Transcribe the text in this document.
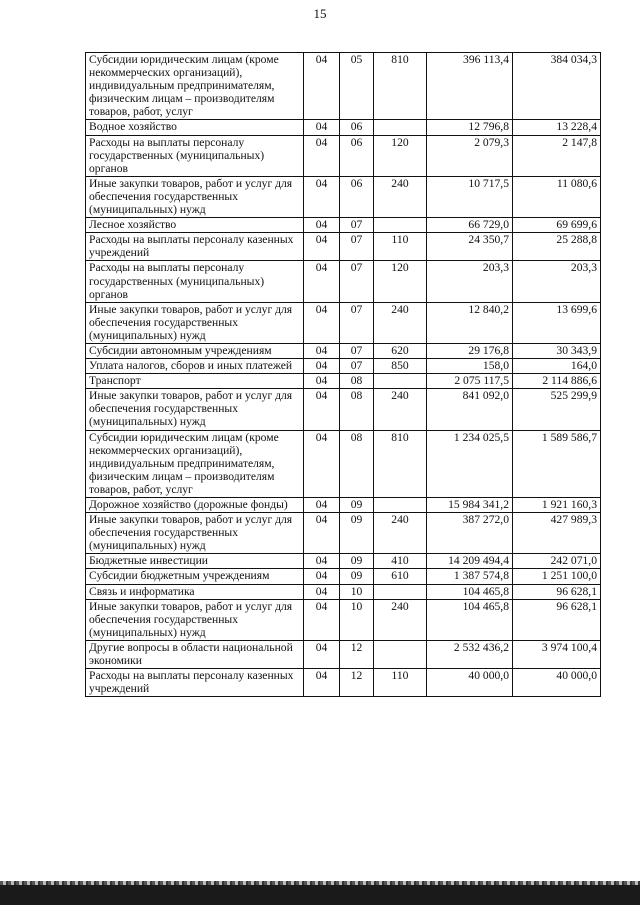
15
Субсидии юридическим лицам (кроме некоммерческих организаций), индивидуальным предпринимателям, физическим лицам – производителям товаров, работ, услуг	04	05	810	396 113,4	384 034,3
Водное хозяйство	04	06		12 796,8	13 228,4
Расходы на выплаты персоналу государственных (муниципальных) органов	04	06	120	2 079,3	2 147,8
Иные закупки товаров, работ и услуг для обеспечения государственных (муниципальных) нужд	04	06	240	10 717,5	11 080,6
Лесное хозяйство	04	07		66 729,0	69 699,6
Расходы на выплаты персоналу казенных учреждений	04	07	110	24 350,7	25 288,8
Расходы на выплаты персоналу государственных (муниципальных) органов	04	07	120	203,3	203,3
Иные закупки товаров, работ и услуг для обеспечения государственных (муниципальных) нужд	04	07	240	12 840,2	13 699,6
Субсидии автономным учреждениям	04	07	620	29 176,8	30 343,9
Уплата налогов, сборов и иных платежей	04	07	850	158,0	164,0
Транспорт	04	08		2 075 117,5	2 114 886,6
Иные закупки товаров, работ и услуг для обеспечения государственных (муниципальных) нужд	04	08	240	841 092,0	525 299,9
Субсидии юридическим лицам (кроме некоммерческих организаций), индивидуальным предпринимателям, физическим лицам – производителям товаров, работ, услуг	04	08	810	1 234 025,5	1 589 586,7
Дорожное хозяйство (дорожные фонды)	04	09		15 984 341,2	1 921 160,3
Иные закупки товаров, работ и услуг для обеспечения государственных (муниципальных) нужд	04	09	240	387 272,0	427 989,3
Бюджетные инвестиции	04	09	410	14 209 494,4	242 071,0
Субсидии бюджетным учреждениям	04	09	610	1 387 574,8	1 251 100,0
Связь и информатика	04	10		104 465,8	96 628,1
Иные закупки товаров, работ и услуг для обеспечения государственных (муниципальных) нужд	04	10	240	104 465,8	96 628,1
Другие вопросы в области национальной экономики	04	12		2 532 436,2	3 974 100,4
Расходы на выплаты персоналу казенных учреждений	04	12	110	40 000,0	40 000,0
